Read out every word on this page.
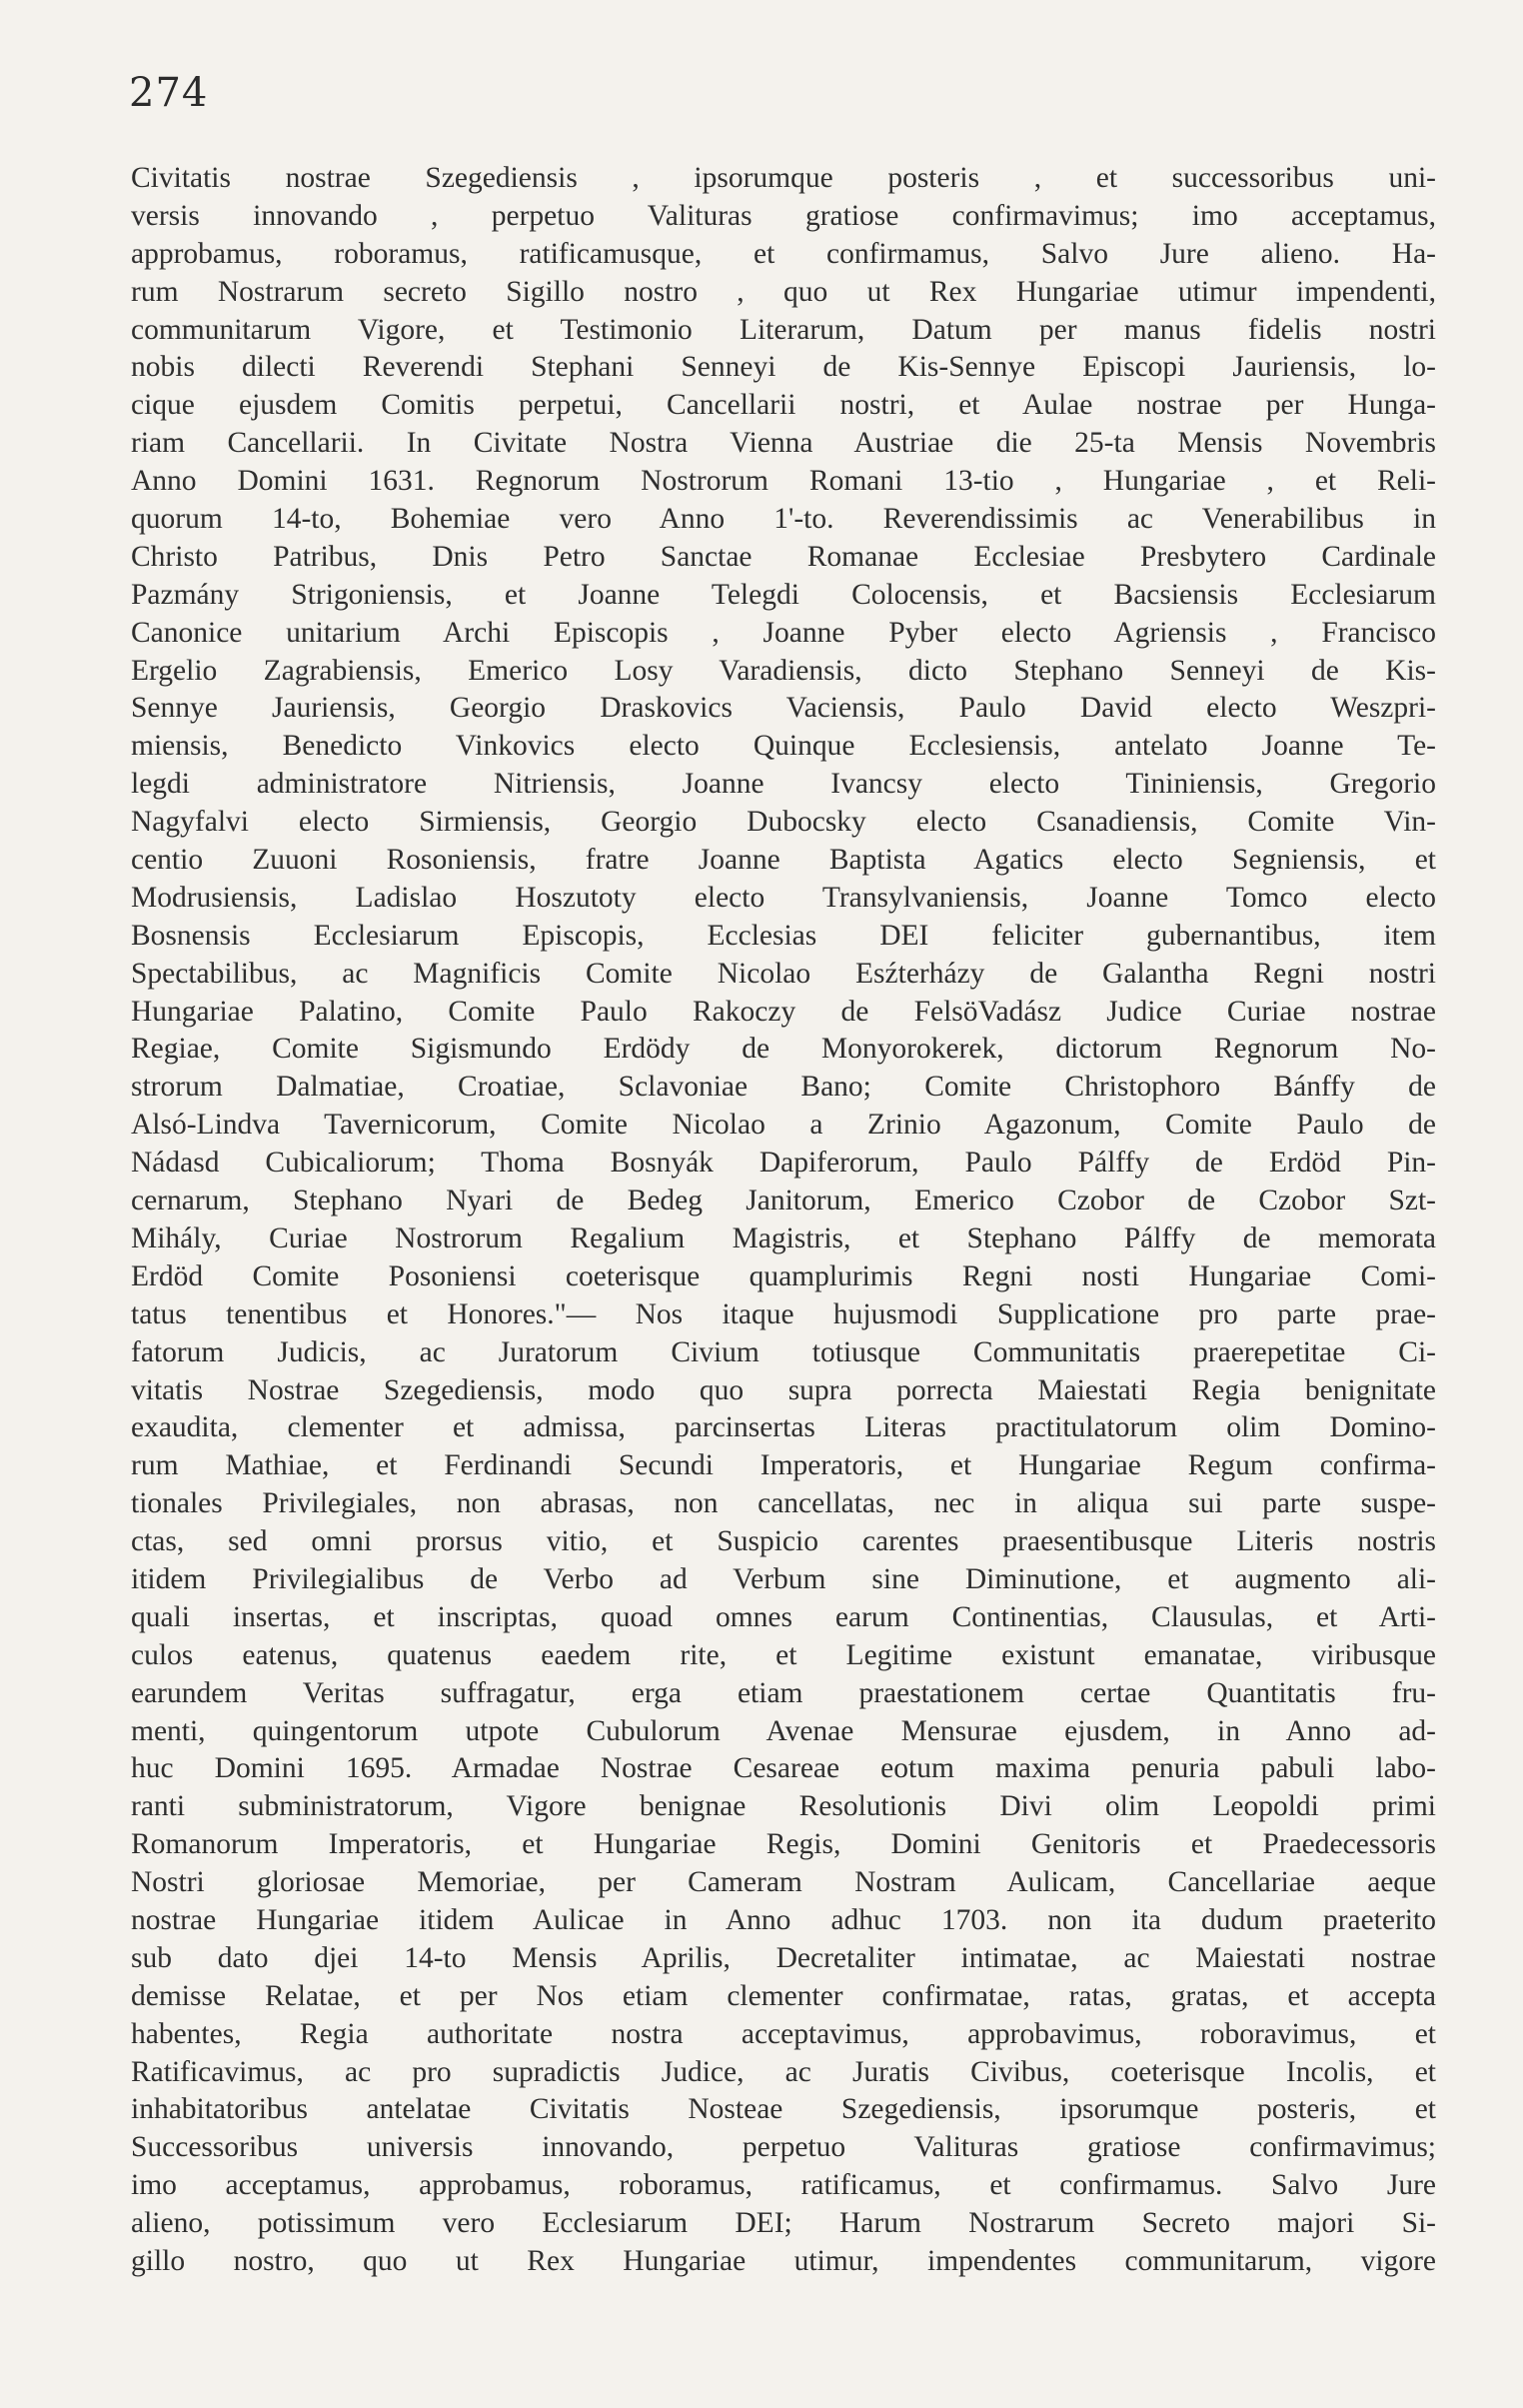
274
Civitatis nostrae Szegediensis , ipsorumque posteris , et successoribus uni-
versis innovando , perpetuo Valituras gratiose confirmavimus; imo acceptamus,
approbamus, roboramus, ratificamusque, et confirmamus, Salvo Jure alieno. Ha-
rum Nostrarum secreto Sigillo nostro , quo ut Rex Hungariae utimur impendenti,
communitarum Vigore, et Testimonio Literarum, Datum per manus fidelis nostri
nobis dilecti Reverendi Stephani Senneyi de Kis-Sennye Episcopi Jauriensis, lo-
cique ejusdem Comitis perpetui, Cancellarii nostri, et Aulae nostrae per Hunga-
riam Cancellarii. In Civitate Nostra Vienna Austriae die 25-ta Mensis Novembris
Anno Domini 1631. Regnorum Nostrorum Romani 13-tio , Hungariae , et Reli-
quorum 14-to, Bohemiae vero Anno 1'-to. Reverendissimis ac Venerabilibus in
Christo Patribus, Dnis Petro Sanctae Romanae Ecclesiae Presbytero Cardinale
Pazmány Strigoniensis, et Joanne Telegdi Colocensis, et Bacsiensis Ecclesiarum
Canonice unitarium Archi Episcopis , Joanne Pyber electo Agriensis , Francisco
Ergelio Zagrabiensis, Emerico Losy Varadiensis, dicto Stephano Senneyi de Kis-
Sennye Jauriensis, Georgio Draskovics Vaciensis, Paulo David electo Weszpri-
miensis, Benedicto Vinkovics electo Quinque Ecclesiensis, antelato Joanne Te-
legdi administratore Nitriensis, Joanne Ivancsy electo Tininiensis, Gregorio
Nagyfalvi electo Sirmiensis, Georgio Dubocsky electo Csanadiensis, Comite Vin-
centio Zuuoni Rosoniensis, fratre Joanne Baptista Agatics electo Segniensis, et
Modrusiensis, Ladislao Hoszutoty electo Transylvaniensis, Joanne Tomco electo
Bosnensis Ecclesiarum Episcopis, Ecclesias DEI feliciter gubernantibus, item
Spectabilibus, ac Magnificis Comite Nicolao Esźterházy de Galantha Regni nostri
Hungariae Palatino, Comite Paulo Rakoczy de FelsöVadász Judice Curiae nostrae
Regiae, Comite Sigismundo Erdödy de Monyorokerek, dictorum Regnorum No-
strorum Dalmatiae, Croatiae, Sclavoniae Bano; Comite Christophoro Bánffy de
Alsó-Lindva Tavernicorum, Comite Nicolao a Zrinio Agazonum, Comite Paulo de
Nádasd Cubicaliorum; Thoma Bosnyák Dapiferorum, Paulo Pálffy de Erdöd Pin-
cernarum, Stephano Nyari de Bedeg Janitorum, Emerico Czobor de Czobor Szt-
Mihály, Curiae Nostrorum Regalium Magistris, et Stephano Pálffy de memorata
Erdöd Comite Posoniensi coeterisque quamplurimis Regni nosti Hungariae Comi-
tatus tenentibus et Honores."— Nos itaque hujusmodi Supplicatione pro parte prae-
fatorum Judicis, ac Juratorum Civium totiusque Communitatis praerepetitae Ci-
vitatis Nostrae Szegediensis, modo quo supra porrecta Maiestati Regia benignitate
exaudita, clementer et admissa, parcinsertas Literas practitulatorum olim Domino-
rum Mathiae, et Ferdinandi Secundi Imperatoris, et Hungariae Regum confirma-
tionales Privilegiales, non abrasas, non cancellatas, nec in aliqua sui parte suspe-
ctas, sed omni prorsus vitio, et Suspicio carentes praesentibusque Literis nostris
itidem Privilegialibus de Verbo ad Verbum sine Diminutione, et augmento ali-
quali insertas, et inscriptas, quoad omnes earum Continentias, Clausulas, et Arti-
culos eatenus, quatenus eaedem rite, et Legitime existunt emanatae, viribusque
earundem Veritas suffragatur, erga etiam praestationem certae Quantitatis fru-
menti, quingentorum utpote Cubulorum Avenae Mensurae ejusdem, in Anno ad-
huc Domini 1695. Armadae Nostrae Cesareae eotum maxima penuria pabuli labo-
ranti subministratorum, Vigore benignae Resolutionis Divi olim Leopoldi primi
Romanorum Imperatoris, et Hungariae Regis, Domini Genitoris et Praedecessoris
Nostri gloriosae Memoriae, per Cameram Nostram Aulicam, Cancellariae aeque
nostrae Hungariae itidem Aulicae in Anno adhuc 1703. non ita dudum praeterito
sub dato djei 14-to Mensis Aprilis, Decretaliter intimatae, ac Maiestati nostrae
demisse Relatae, et per Nos etiam clementer confirmatae, ratas, gratas, et accepta
habentes, Regia authoritate nostra acceptavimus, approbavimus, roboravimus, et
Ratificavimus, ac pro supradictis Judice, ac Juratis Civibus, coeterisque Incolis, et
inhabitatoribus antelatae Civitatis Nosteae Szegediensis, ipsorumque posteris, et
Successoribus universis innovando, perpetuo Valituras gratiose confirmavimus;
imo acceptamus, approbamus, roboramus, ratificamus, et confirmamus. Salvo Jure
alieno, potissimum vero Ecclesiarum DEI; Harum Nostrarum Secreto majori Si-
gillo nostro, quo ut Rex Hungariae utimur, impendentes communitarum, vigore
